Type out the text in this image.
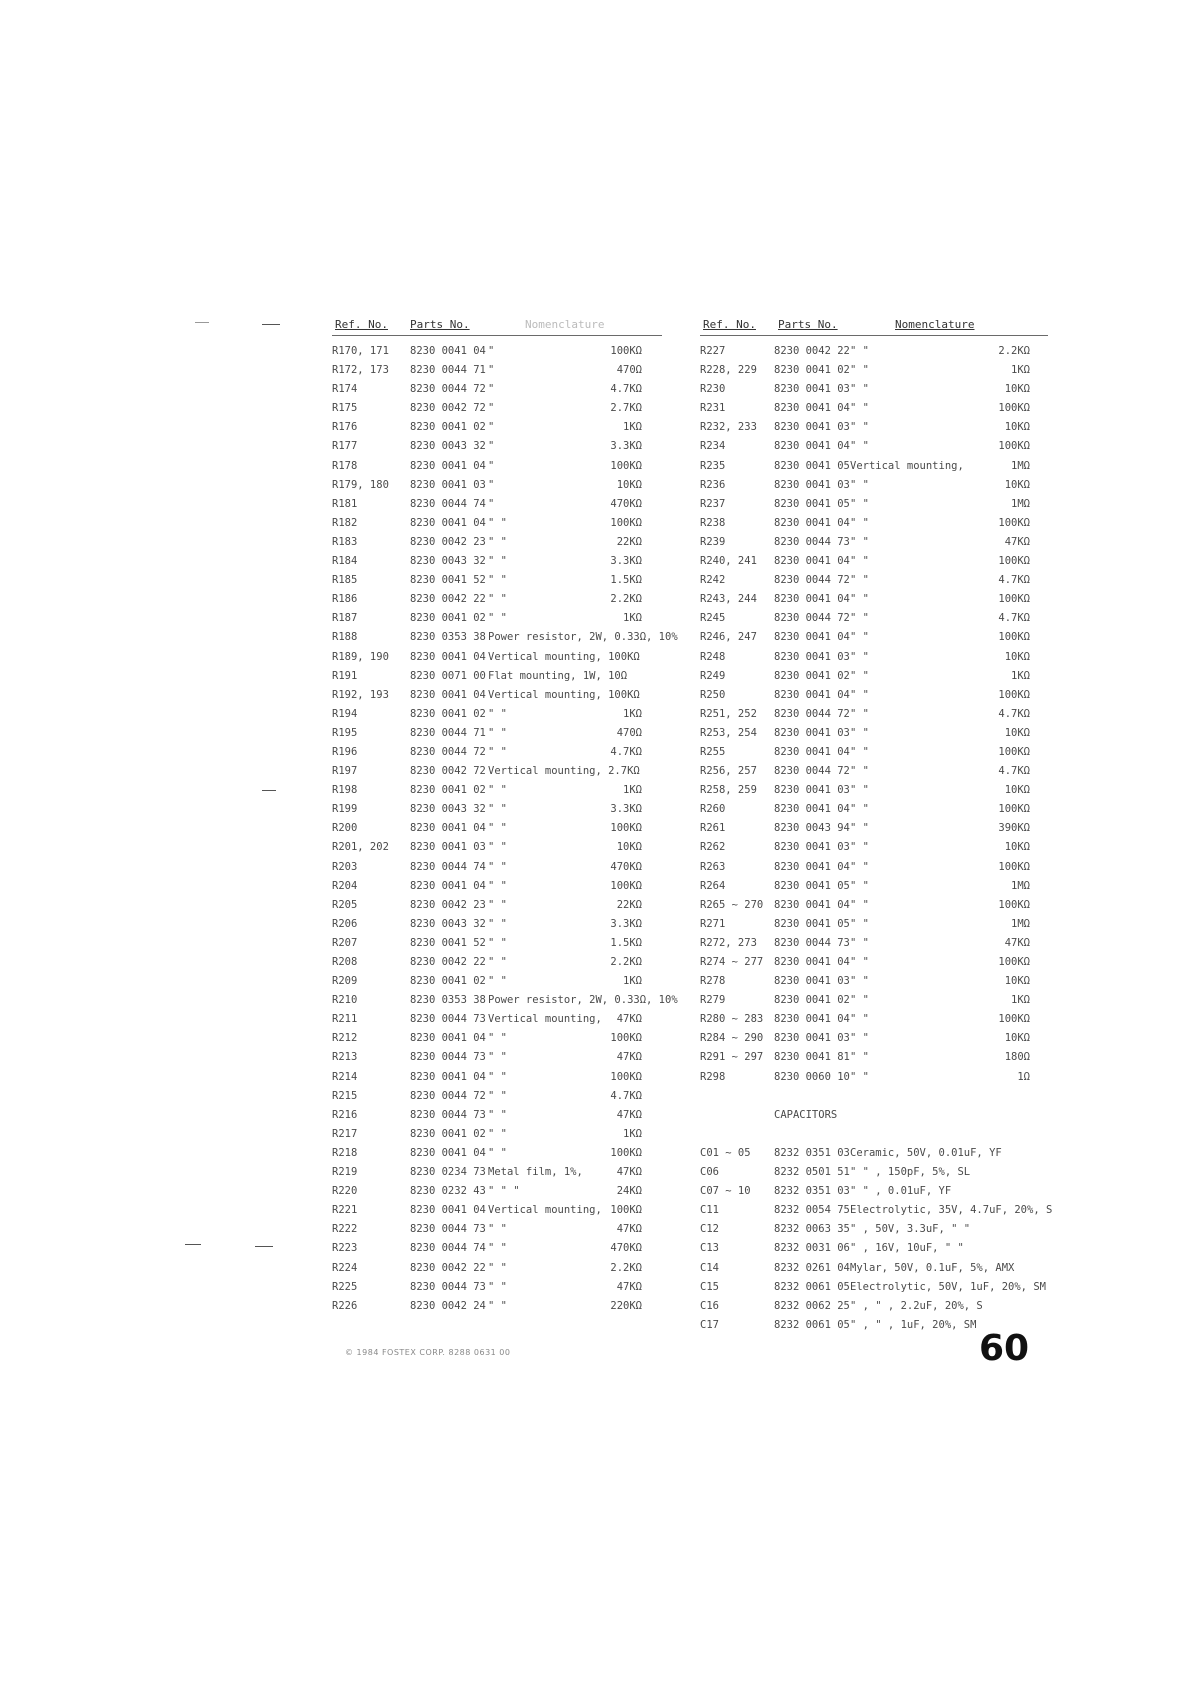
Ref. No. Parts No.	Nomenclature	Ref. No. Parts No.	Nomenclature
R170, 171 8230 0041 04 "	100KΩ
R172, 173 8230 0044 71 "	470Ω
R174	8230 0044 72 "	4.7KΩ
R175	8230 0042 72 "	2.7KΩ
R176	8230 0041 02 "	1KΩ
R177	8230 0043 32 "	3.3KΩ
R178	8230 0041 04 "	100KΩ
R179, 180 8230 0041 03 "	10KΩ
R181	8230 0044 74 "	470KΩ
R182	8230 0041 04 " "	100KΩ
R183	8230 0042 23 " "	22KΩ
R184	8230 0043 32 " "	3.3KΩ
R185	8230 0041 52 " "	1.5KΩ
R186	8230 0042 22 " "	2.2KΩ
R187	8230 0041 02 " "	1KΩ
R188	8230 0353 38 Power resistor, 2W, 0.33Ω, 10%
R189, 190 8230 0041 04 Vertical mounting, 100KΩ
R191	8230 0071 00 Flat mounting, 1W, 10Ω
R192, 193 8230 0041 04 Vertical mounting, 100KΩ
R194	8230 0041 02 " "	1KΩ
R195	8230 0044 71 " "	470Ω
R196	8230 0044 72 " "	4.7KΩ
R197	8230 0042 72 Vertical mounting, 2.7KΩ
R198	8230 0041 02 " "	1KΩ
R199	8230 0043 32 " "	3.3KΩ
R200	8230 0041 04 " "	100KΩ
R201, 202 8230 0041 03 " "	10KΩ
R203	8230 0044 74 " "	470KΩ
R204	8230 0041 04 " "	100KΩ
R205	8230 0042 23 " "	22KΩ
R206	8230 0043 32 " "	3.3KΩ
R207	8230 0041 52 " "	1.5KΩ
R208	8230 0042 22 " "	2.2KΩ
R209	8230 0041 02 " "	1KΩ
R210	8230 0353 38 Power resistor, 2W, 0.33Ω, 10%
R211	8230 0044 73 Vertical mounting, 47KΩ
R212	8230 0041 04 " "	100KΩ
R213	8230 0044 73 " "	47KΩ
R214	8230 0041 04 " "	100KΩ
R215	8230 0044 72 " "	4.7KΩ
R216	8230 0044 73 " "	47KΩ
R217	8230 0041 02 " "	1KΩ
R218	8230 0041 04 " "	100KΩ
R219	8230 0234 73 Metal film, 1%,	47KΩ
R220	8230 0232 43 " " "	24KΩ
R221	8230 0041 04 Vertical mounting, 100KΩ
R222	8230 0044 73 " "	47KΩ
R223	8230 0044 74 " "	470KΩ
R224	8230 0042 22 " "	2.2KΩ
R225	8230 0044 73 " "	47KΩ
R226	8230 0042 24 " "	220KΩ
R227	8230 0042 22 " "	2.2KΩ
R228, 229 8230 0041 02 " "	1KΩ
R230	8230 0041 03 " "	10KΩ
R231	8230 0041 04 " "	100KΩ
R232, 233 8230 0041 03 " "	10KΩ
R234	8230 0041 04 " "	100KΩ
R235	8230 0041 05 Vertical mounting,	1MΩ
R236	8230 0041 03 " "	10KΩ
R237	8230 0041 05 " "	1MΩ
R238	8230 0041 04 " "	100KΩ
R239	8230 0044 73 " "	47KΩ
R240, 241 8230 0041 04 " "	100KΩ
R242	8230 0044 72 " "	4.7KΩ
R243, 244 8230 0041 04 " "	100KΩ
R245	8230 0044 72 " "	4.7KΩ
R246, 247 8230 0041 04 " "	100KΩ
R248	8230 0041 03 " "	10KΩ
R249	8230 0041 02 " "	1KΩ
R250	8230 0041 04 " "	100KΩ
R251, 252 8230 0044 72 " "	4.7KΩ
R253, 254 8230 0041 03 " "	10KΩ
R255	8230 0041 04 " "	100KΩ
R256, 257 8230 0044 72 " "	4.7KΩ
R258, 259 8230 0041 03 " "	10KΩ
R260	8230 0041 04 " "	100KΩ
R261	8230 0043 94 " "	390KΩ
R262	8230 0041 03 " "	10KΩ
R263	8230 0041 04 " "	100KΩ
R264	8230 0041 05 " "	1MΩ
R265 ~ 270 8230 0041 04 " "	100KΩ
R271	8230 0041 05 " "	1MΩ
R272, 273 8230 0044 73 " "	47KΩ
R274 ~ 277 8230 0041 04 " "	100KΩ
R278	8230 0041 03 " "	10KΩ
R279	8230 0041 02 " "	1KΩ
R280 ~ 283 8230 0041 04 " "	100KΩ
R284 ~ 290 8230 0041 03 " "	10KΩ
R291 ~ 297 8230 0041 81 " "	180Ω
R298	8230 0060 10 " "	1Ω
CAPACITORS
C01 ~ 05 8232 0351 03 Ceramic, 50V, 0.01uF, YF
C06	8232 0501 51 " " , 150pF, 5%, SL
C07 ~ 10 8232 0351 03 " " , 0.01uF, YF
C11	8232 0054 75 Electrolytic, 35V, 4.7uF, 20%, S
C12	8232 0063 35 " , 50V, 3.3uF, " "
C13	8232 0031 06 " , 16V, 10uF, " "
C14	8232 0261 04 Mylar, 50V, 0.1uF, 5%, AMX
C15	8232 0061 05 Electrolytic, 50V, 1uF, 20%, SM
C16	8232 0062 25 " , " , 2.2uF, 20%, S
C17	8232 0061 05 " , " , 1uF, 20%, SM
© 1984 FOSTEX CORP. 8288 0631 00	60
